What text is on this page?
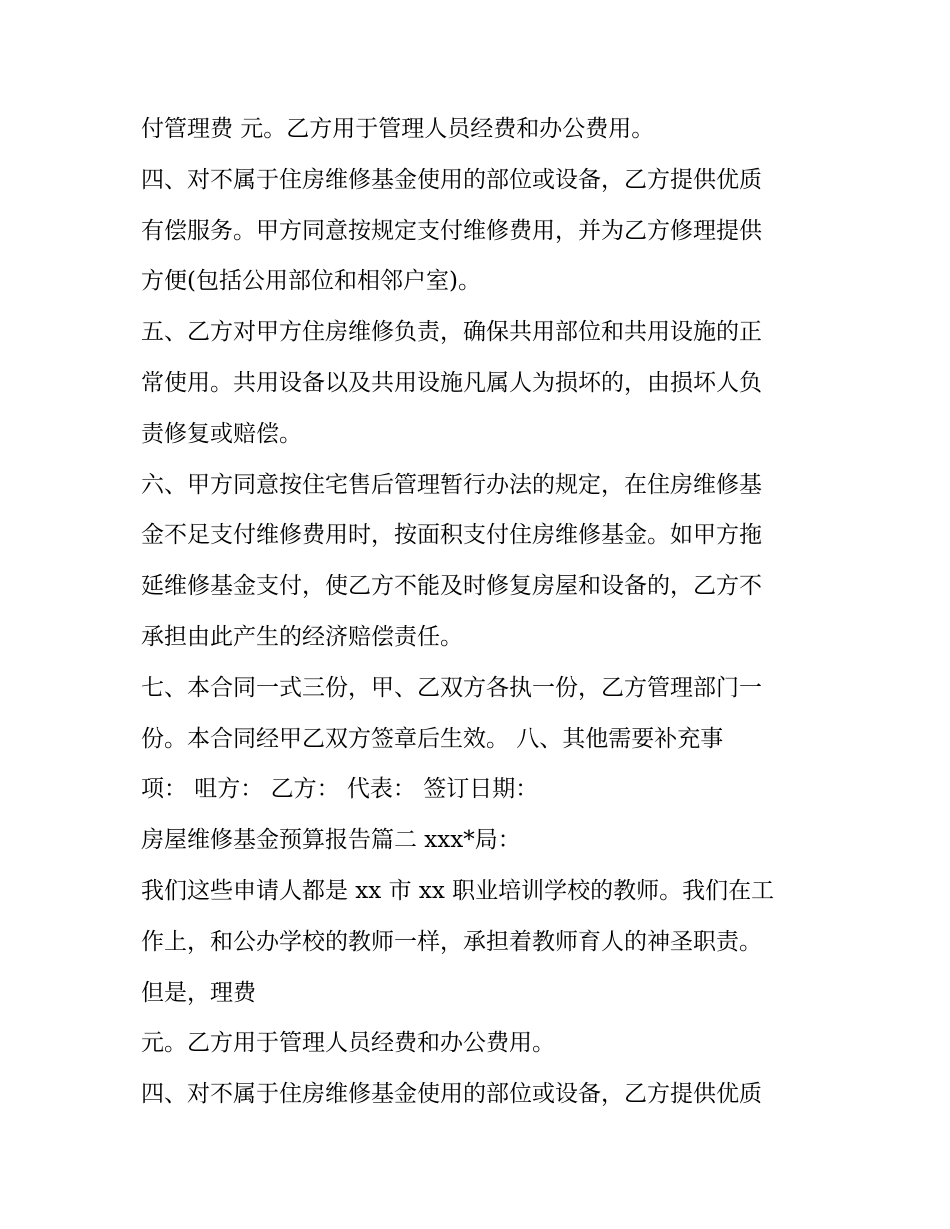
付管理费 元。乙方用于管理人员经费和办公费用。
四、对不属于住房维修基金使用的部位或设备，乙方提供优质
有偿服务。甲方同意按规定支付维修费用，并为乙方修理提供
方便(包括公用部位和相邻户室)。
五、乙方对甲方住房维修负责，确保共用部位和共用设施的正
常使用。共用设备以及共用设施凡属人为损坏的，由损坏人负
责修复或赔偿。
六、甲方同意按住宅售后管理暂行办法的规定，在住房维修基
金不足支付维修费用时，按面积支付住房维修基金。如甲方拖
延维修基金支付，使乙方不能及时修复房屋和设备的，乙方不
承担由此产生的经济赔偿责任。
七、本合同一式三份，甲、乙双方各执一份，乙方管理部门一
份。本合同经甲乙双方签章后生效。 八、其他需要补充事
项： 咀方： 乙方： 代表： 签订日期：
房屋维修基金预算报告篇二 xxx*局：
我们这些申请人都是 xx 市 xx 职业培训学校的教师。我们在工
作上，和公办学校的教师一样，承担着教师育人的神圣职责。
但是，理费
元。乙方用于管理人员经费和办公费用。
四、对不属于住房维修基金使用的部位或设备，乙方提供优质
